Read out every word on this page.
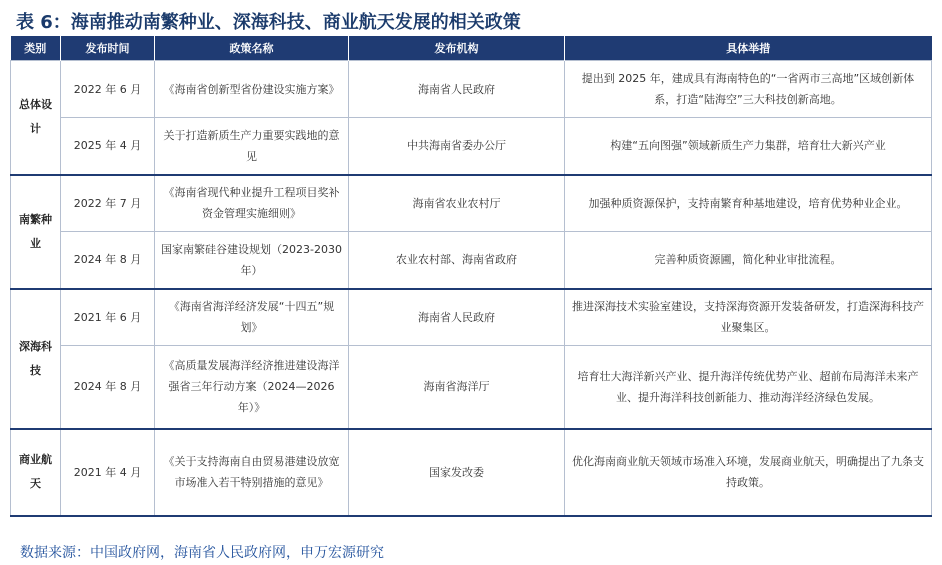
表 6：海南推动南繁种业、深海科技、商业航天发展的相关政策
类别	发布时间	政策名称	发布机构	具体举措
总体设计	2022 年 6 月	《海南省创新型省份建设实施方案》	海南省人民政府	提出到 2025 年，建成具有海南特色的“一省两市三高地”区域创新体系，打造“陆海空”三大科技创新高地。
	2025 年 4 月	关于打造新质生产力重要实践地的意见	中共海南省委办公厅	构建“五向图强”领域新质生产力集群，培育壮大新兴产业
南繁种业	2022 年 7 月	《海南省现代种业提升工程项目奖补资金管理实施细则》	海南省农业农村厅	加强种质资源保护，支持南繁育种基地建设，培育优势种业企业。
	2024 年 8 月	国家南繁硅谷建设规划（2023-2030 年）	农业农村部、海南省政府	完善种质资源圃，简化种业审批流程。
深海科技	2021 年 6 月	《海南省海洋经济发展“十四五”规划》	海南省人民政府	推进深海技术实验室建设，支持深海资源开发装备研发，打造深海科技产业聚集区。
	2024 年 8 月	《高质量发展海洋经济推进建设海洋强省三年行动方案（2024—2026 年）》	海南省海洋厅	培育壮大海洋新兴产业、提升海洋传统优势产业、超前布局海洋未来产业、提升海洋科技创新能力、推动海洋经济绿色发展。
商业航天	2021 年 4 月	《关于支持海南自由贸易港建设放宽市场准入若干特别措施的意见》	国家发改委	优化海南商业航天领域市场准入环境，发展商业航天，明确提出了九条支持政策。
数据来源：中国政府网，海南省人民政府网，申万宏源研究
